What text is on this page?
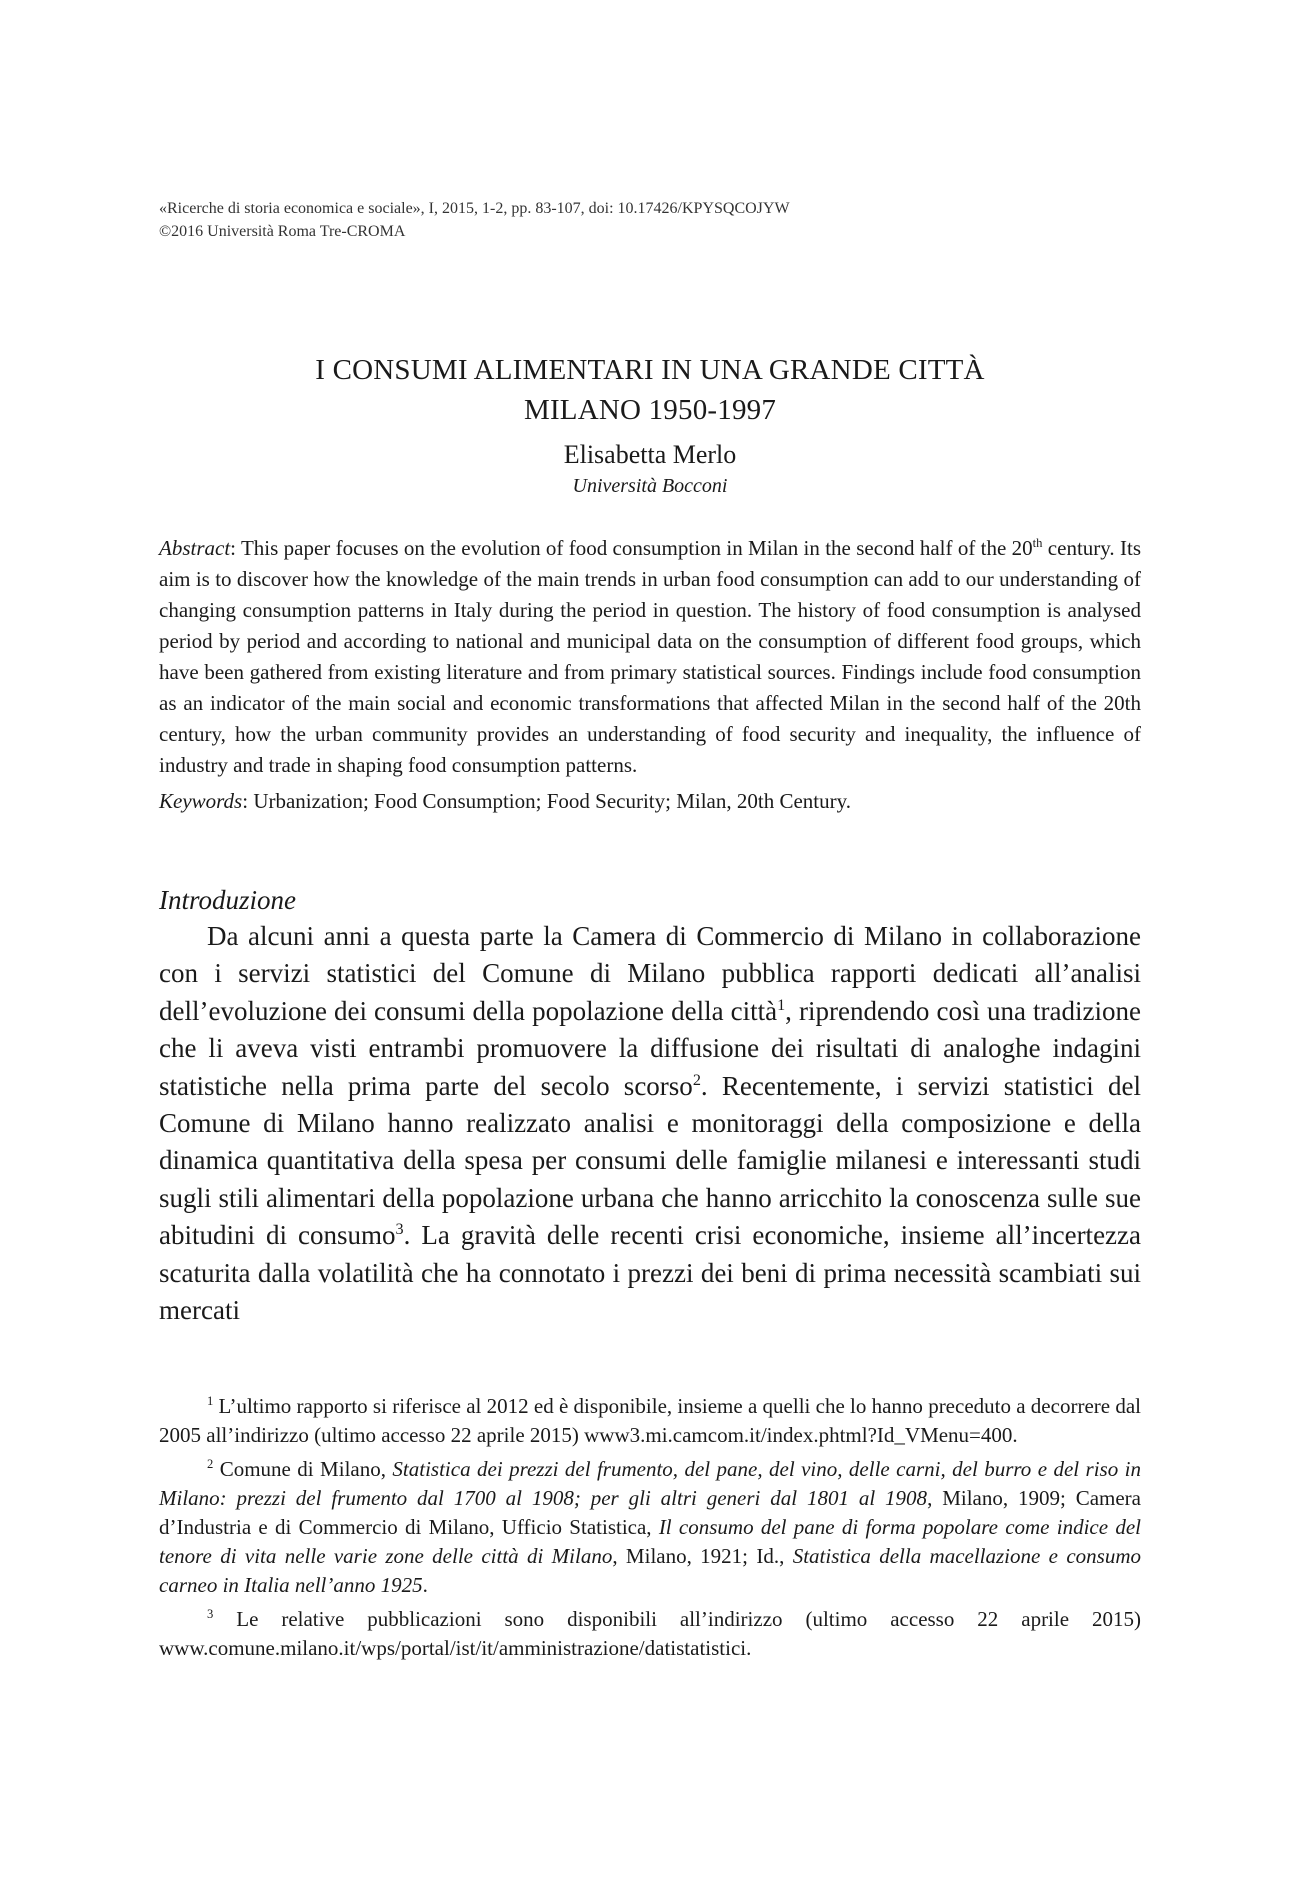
«Ricerche di storia economica e sociale», I, 2015, 1-2, pp. 83-107, doi: 10.17426/KPYSQCOJYW
©2016 Università Roma Tre-CROMA
I CONSUMI ALIMENTARI IN UNA GRANDE CITTÀ
MILANO 1950-1997
Elisabetta Merlo
Università Bocconi

Abstract: This paper focuses on the evolution of food consumption in Milan in the second half of the 20th century. Its aim is to discover how the knowledge of the main trends in urban food consumption can add to our understanding of changing consumption patterns in Italy during the period in question. The history of food consumption is analysed period by period and according to national and municipal data on the consumption of different food groups, which have been gathered from existing literature and from primary statistical sources. Findings include food consumption as an indicator of the main social and economic transformations that affected Milan in the second half of the 20th century, how the urban community provides an understanding of food security and inequality, the influence of industry and trade in shaping food consumption patterns.

Keywords: Urbanization; Food Consumption; Food Security; Milan, 20th Century.

Introduzione

Da alcuni anni a questa parte la Camera di Commercio di Milano in collaborazione con i servizi statistici del Comune di Milano pubblica rapporti dedicati all’analisi dell’evoluzione dei consumi della popolazione della città$^1$, riprendendo così una tradizione che li aveva visti entrambi promuovere la diffusione dei risultati di analoghe indagini statistiche nella prima parte del secolo scorso$^2$. Recentemente, i servizi statistici del Comune di Milano hanno realizzato analisi e monitoraggi della composizione e della dinamica quantitativa della spesa per consumi delle famiglie milanesi e interessanti studi sugli stili alimentari della popolazione urbana che hanno arricchito la conoscenza sulle sue abitudini di consumo$^3$. La gravità delle recenti crisi economiche, insieme all’incertezza scaturita dalla volatilità che ha connotato i prezzi dei beni di prima necessità scambiati sui mercati

$^1$ L’ultimo rapporto si riferisce al 2012 ed è disponibile, insieme a quelli che lo hanno preceduto a decorrere dal 2005 all’indirizzo (ultimo accesso 22 aprile 2015) www3.mi.camcom.it/index.phtml?Id_VMenu=400.

$^2$ Comune di Milano, Statistica dei prezzi del frumento, del pane, del vino, delle carni, del burro e del riso in Milano: prezzi del frumento dal 1700 al 1908; per gli altri generi dal 1801 al 1908, Milano, 1909; Camera d’Industria e di Commercio di Milano, Ufficio Statistica, Il consumo del pane di forma popolare come indice del tenore di vita nelle varie zone delle città di Milano, Milano, 1921; Id., Statistica della macellazione e consumo carneo in Italia nell’anno 1925.

$^3$ Le relative pubblicazioni sono disponibili all’indirizzo (ultimo accesso 22 aprile 2015) www.comune.milano.it/wps/portal/ist/it/amministrazione/datistatistici.
